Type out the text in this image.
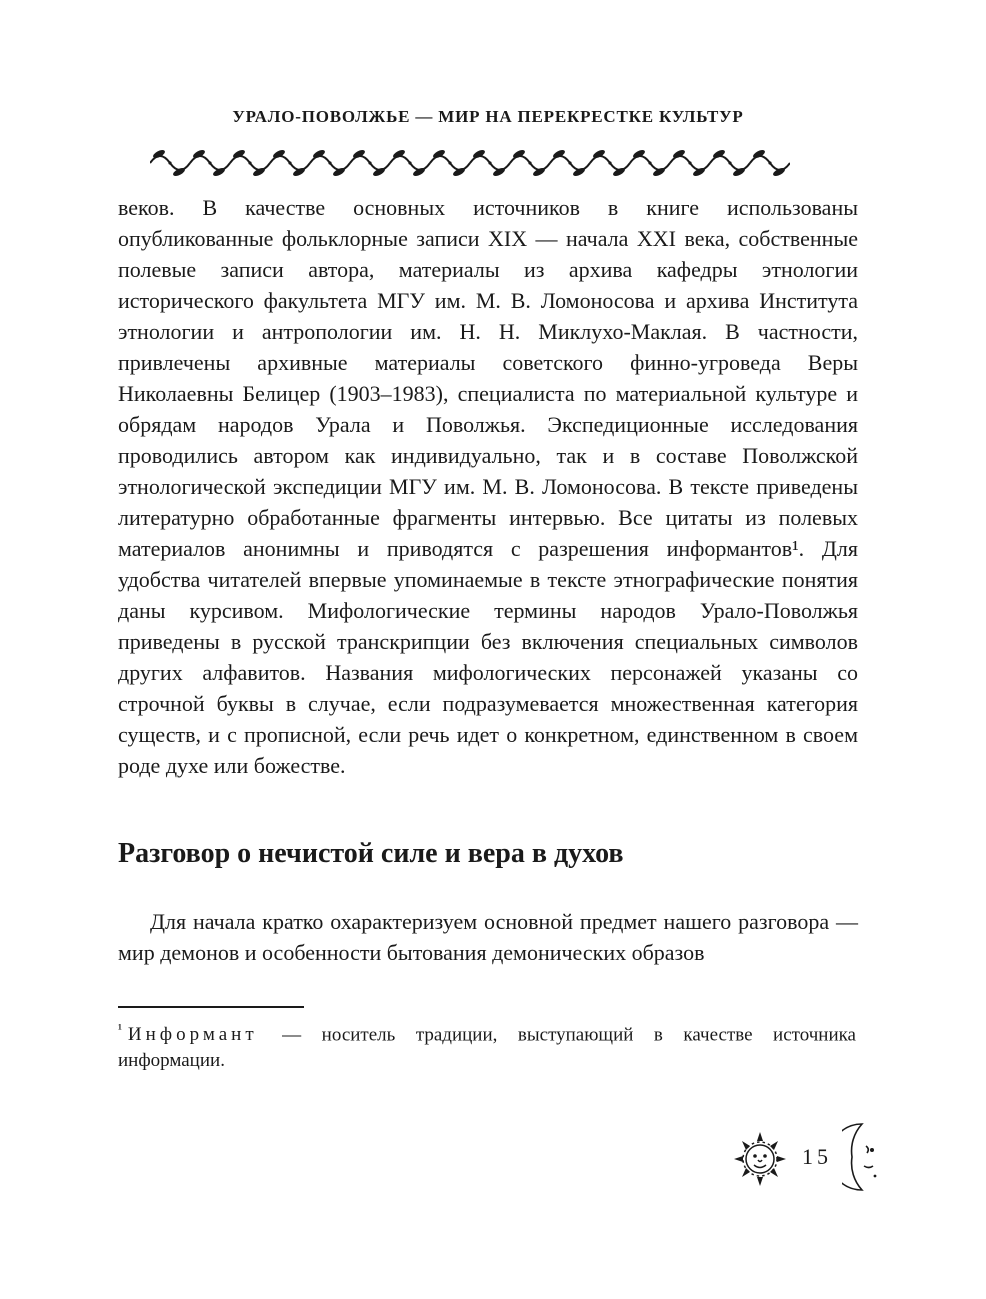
УРАЛО-ПОВОЛЖЬЕ — МИР НА ПЕРЕКРЕСТКЕ КУЛЬТУР
веков. В качестве основных источников в книге использованы опубликованные фольклорные записи XIX — начала XXI века, собственные полевые записи автора, материалы из архива кафедры этнологии исторического факультета МГУ им. М. В. Ломоносова и архива Института этнологии и антропологии им. Н. Н. Миклухо-Маклая. В частности, привлечены архивные материалы советского финно-угроведа Веры Николаевны Белицер (1903–1983), специалиста по материальной культуре и обрядам народов Урала и Поволжья. Экспедиционные исследования проводились автором как индивидуально, так и в составе Поволжской этнологической экспедиции МГУ им. М. В. Ломоносова. В тексте приведены литературно обработанные фрагменты интервью. Все цитаты из полевых материалов анонимны и приводятся с разрешения информантов¹. Для удобства читателей впервые упоминаемые в тексте этнографические понятия даны курсивом. Мифологические термины народов Урало-Поволжья приведены в русской транскрипции без включения специальных символов других алфавитов. Названия мифологических персонажей указаны со строчной буквы в случае, если подразумевается множественная категория существ, и с прописной, если речь идет о конкретном, единственном в своем роде духе или божестве.
Разговор о нечистой силе и вера в духов
Для начала кратко охарактеризуем основной предмет нашего разговора — мир демонов и особенности бытования демонических образов
$^{^1}$ Информант — носитель традиции, выступающий в качестве источника информации.
15
